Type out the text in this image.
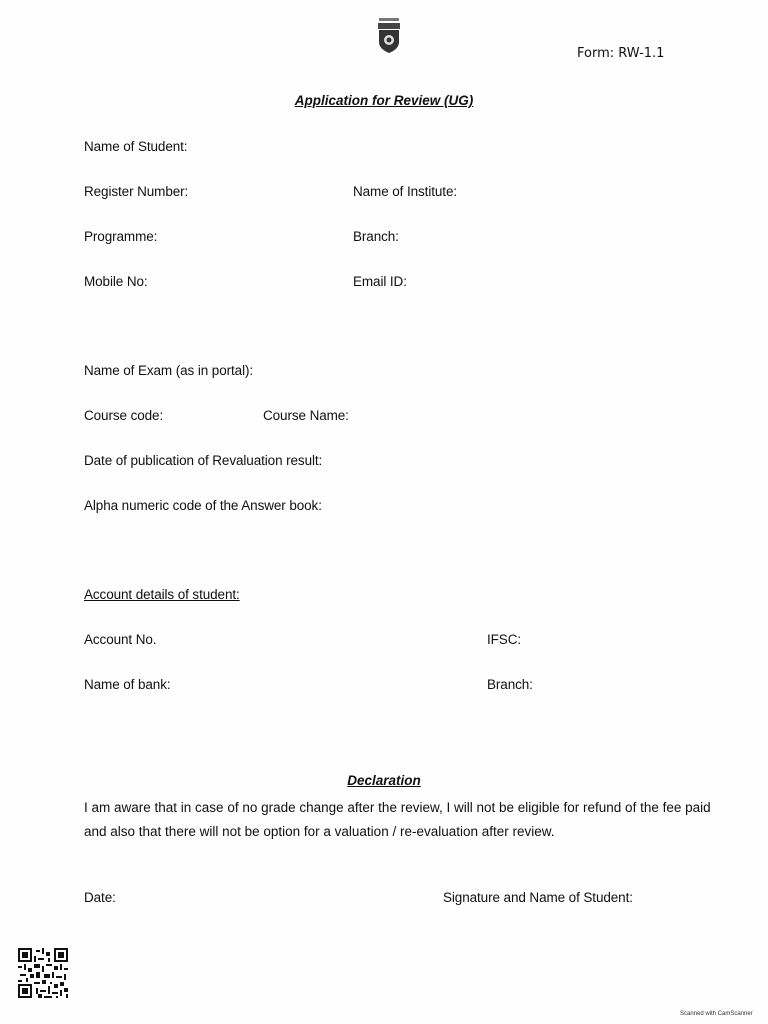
Form: RW-1.1
Application for Review (UG)
Name of Student:
Register Number:	Name of Institute:
Programme:	Branch:
Mobile No:	Email ID:
Name of Exam (as in portal):
Course code:	Course Name:
Date of publication of Revaluation result:
Alpha numeric code of the Answer book:
Account details of student:
Account No.	IFSC:
Name of bank:	Branch:
Declaration
I am aware that in case of no grade change after the review, I will not be eligible for refund of the fee paid and also that there will not be option for a valuation / re-evaluation after review.
Date:	Signature and Name of Student:
Scanned with CamScanner
